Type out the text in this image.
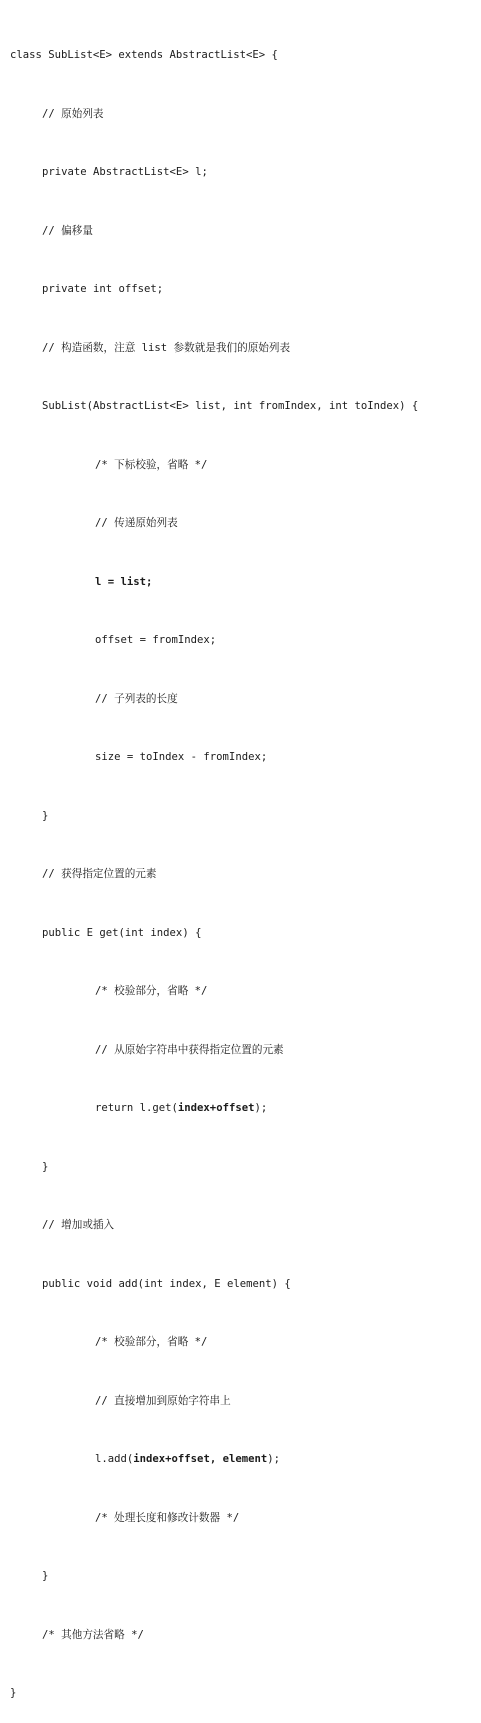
class SubList<E> extends AbstractList<E> {

// 原始列表

private AbstractList<E> l;

// 偏移量

private int offset;

// 构造函数，注意 list 参数就是我们的原始列表

SubList(AbstractList<E> list, int fromIndex, int toIndex) {

/* 下标校验，省略 */

// 传递原始列表

l = list;

offset = fromIndex;

// 子列表的长度

size = toIndex - fromIndex;

}

// 获得指定位置的元素

public E get(int index) {

/* 校验部分，省略 */

// 从原始字符串中获得指定位置的元素

return l.get(index+offset);

}

// 增加或插入

public void add(int index, E element) {

/* 校验部分，省略 */

// 直接增加到原始字符串上

l.add(index+offset, element);

/* 处理长度和修改计数器 */

}

/* 其他方法省略 */

}
